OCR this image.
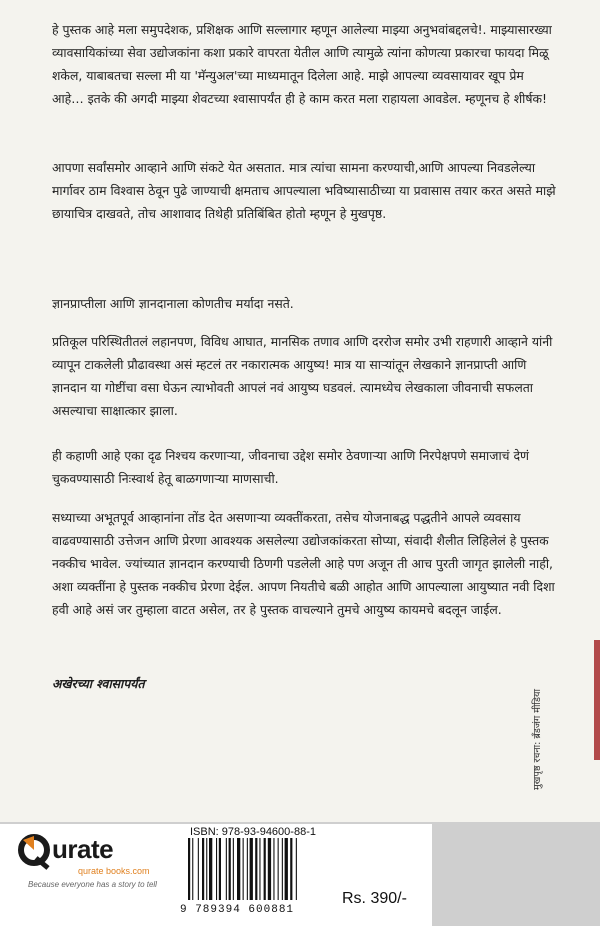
हे पुस्तक आहे मला समुपदेशक, प्रशिक्षक आणि सल्लागार म्हणून आलेल्या माझ्या अनुभवांबद्दलचे!. माझ्यासारख्या व्यावसायिकांच्या सेवा उद्योजकांना कशा प्रकारे वापरता येतील आणि त्यामुळे त्यांना कोणत्या प्रकारचा फायदा मिळू शकेल, याबाबतचा सल्ला मी या 'मॅन्युअल'च्या माध्यमातून दिलेला आहे. माझे आपल्या व्यवसायावर खूप प्रेम आहे… इतके की अगदी माझ्या शेवटच्या श्वासापर्यंत ही हे काम करत मला राहायला आवडेल. म्हणूनच हे शीर्षक!

आपणा सर्वांसमोर आव्हाने आणि संकटे येत असतात. मात्र त्यांचा सामना करण्याची,आणि आपल्या निवडलेल्या मार्गावर ठाम विश्वास ठेवून पुढे जाण्याची क्षमताच आपल्याला भविष्यासाठीच्या या प्रवासास तयार करत असते माझे छायाचित्र दाखवते, तोच आशावाद तिथेही प्रतिबिंबित होतो म्हणून हे मुखपृष्ठ.

ज्ञानप्राप्तीला आणि ज्ञानदानाला कोणतीच मर्यादा नसते.

प्रतिकूल परिस्थितीतलं लहानपण, विविध आघात, मानसिक तणाव आणि दररोज समोर उभी राहणारी आव्हाने यांनी व्यापून टाकलेली प्रौढावस्था असं म्हटलं तर नकारात्मक आयुष्य! मात्र या साऱ्यांतून लेखकाने ज्ञानप्राप्ती आणि ज्ञानदान या गोष्टींचा वसा घेऊन त्याभोवती आपलं नवं आयुष्य घडवलं. त्यामध्येच लेखकाला जीवनाची सफलता असल्याचा साक्षात्कार झाला.

ही कहाणी आहे एका दृढ निश्चय करणाऱ्या, जीवनाचा उद्देश समोर ठेवणाऱ्या आणि निरपेक्षपणे समाजाचं देणं चुकवण्यासाठी निःस्वार्थ हेतू बाळगणाऱ्या माणसाची.

सध्याच्या अभूतपूर्व आव्हानांना तोंड देत असणाऱ्या व्यक्तींकरता, तसेच योजनाबद्ध पद्धतीने आपले व्यवसाय वाढवण्यासाठी उत्तेजन आणि प्रेरणा आवश्यक असलेल्या उद्योजकांकरता सोप्या, संवादी शैलीत लिहिलेलं हे पुस्तक नक्कीच भावेल. ज्यांच्यात ज्ञानदान करण्याची ठिणगी पडलेली आहे पण अजून ती आच पुरती जागृत झालेली नाही, अशा व्यक्तींना हे पुस्तक नक्कीच प्रेरणा देईल. आपण नियतीचे बळी आहोत आणि आपल्याला आयुष्यात नवी दिशा हवी आहे असं जर तुम्हाला वाटत असेल, तर हे पुस्तक वाचल्याने तुमचे आयुष्य कायमचे बदलून जाईल.

अखेरच्या श्वासापर्यंत

मुखपृष्ठ रचना: ब्रँडजंग मीडिया
urate
qurate books.com
Because everyone has a story to tell
ISBN: 978-93-94600-88-1
9 789394 600881
Rs. 390/-
